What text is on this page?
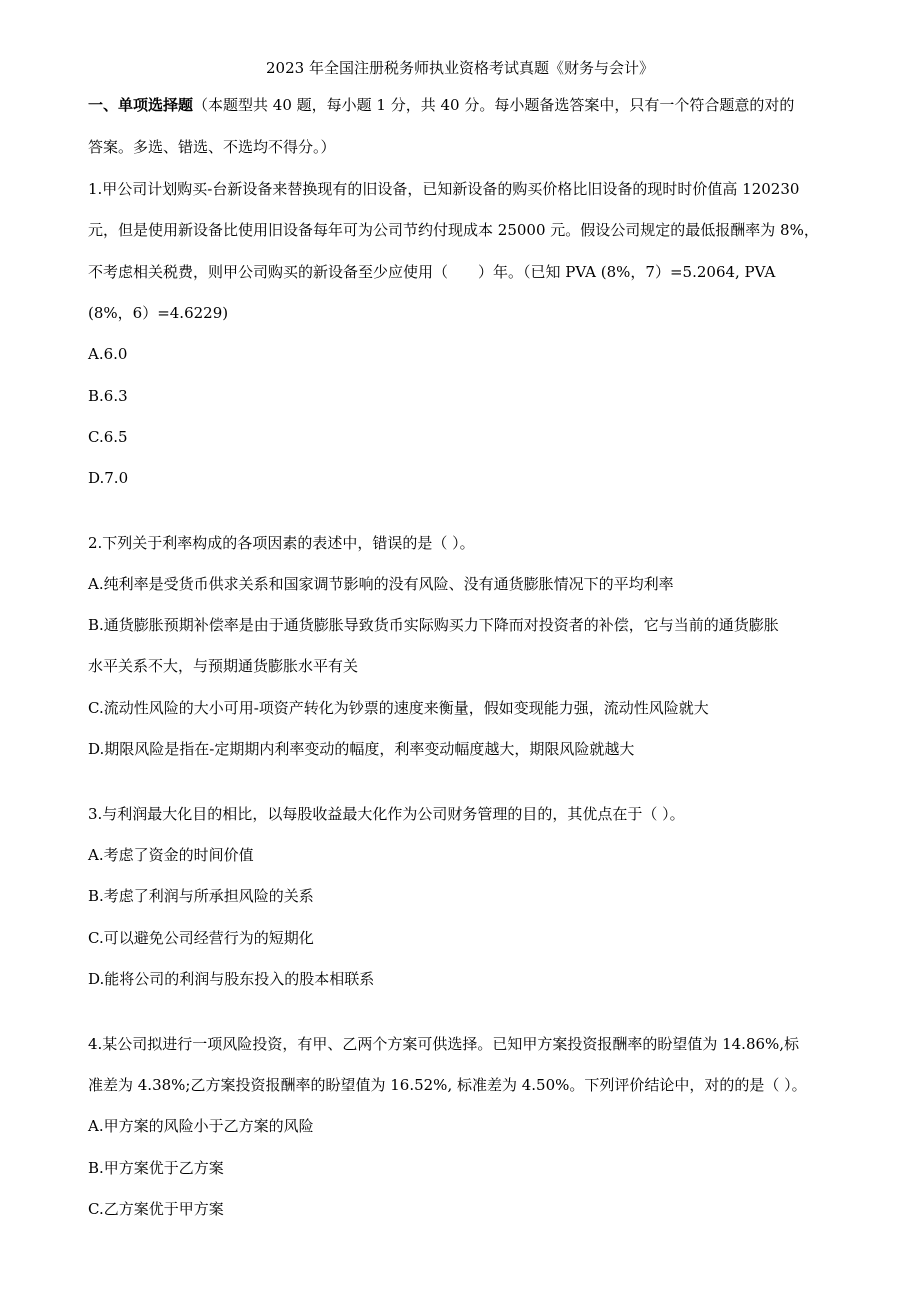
2023 年全国注册税务师执业资格考试真题《财务与会计》
一、单项选择题（本题型共 40 题，每小题 1 分，共 40 分。每小题备选答案中，只有一个符合题意的对的
答案。多选、错选、不选均不得分。）
1.甲公司计划购买-台新设备来替换现有的旧设备，已知新设备的购买价格比旧设备的现时时价值高 120230
元，但是使用新设备比使用旧设备每年可为公司节约付现成本 25000 元。假设公司规定的最低报酬率为 8%，
不考虑相关税费，则甲公司购买的新设备至少应使用（　　）年。（已知 PVA (8%，7）=5.2064, PVA
(8%，6）=4.6229)
A.6.0
B.6.3
C.6.5
D.7.0
2.下列关于利率构成的各项因素的表述中，错误的是（ ）。
A.纯利率是受货币供求关系和国家调节影响的没有风险、没有通货膨胀情况下的平均利率
B.通货膨胀预期补偿率是由于通货膨胀导致货币实际购买力下降而对投资者的补偿，它与当前的通货膨胀
水平关系不大，与预期通货膨胀水平有关
C.流动性风险的大小可用-项资产转化为钞票的速度来衡量，假如变现能力强，流动性风险就大
D.期限风险是指在-定期期内利率变动的幅度，利率变动幅度越大，期限风险就越大
3.与利润最大化目的相比，以每股收益最大化作为公司财务管理的目的，其优点在于（ ）。
A.考虑了资金的时间价值
B.考虑了利润与所承担风险的关系
C.可以避免公司经营行为的短期化
D.能将公司的利润与股东投入的股本相联系
4.某公司拟进行一项风险投资，有甲、乙两个方案可供选择。已知甲方案投资报酬率的盼望值为 14.86%,标
准差为 4.38%;乙方案投资报酬率的盼望值为 16.52%, 标准差为 4.50%。下列评价结论中，对的的是（ ）。
A.甲方案的风险小于乙方案的风险
B.甲方案优于乙方案
C.乙方案优于甲方案
